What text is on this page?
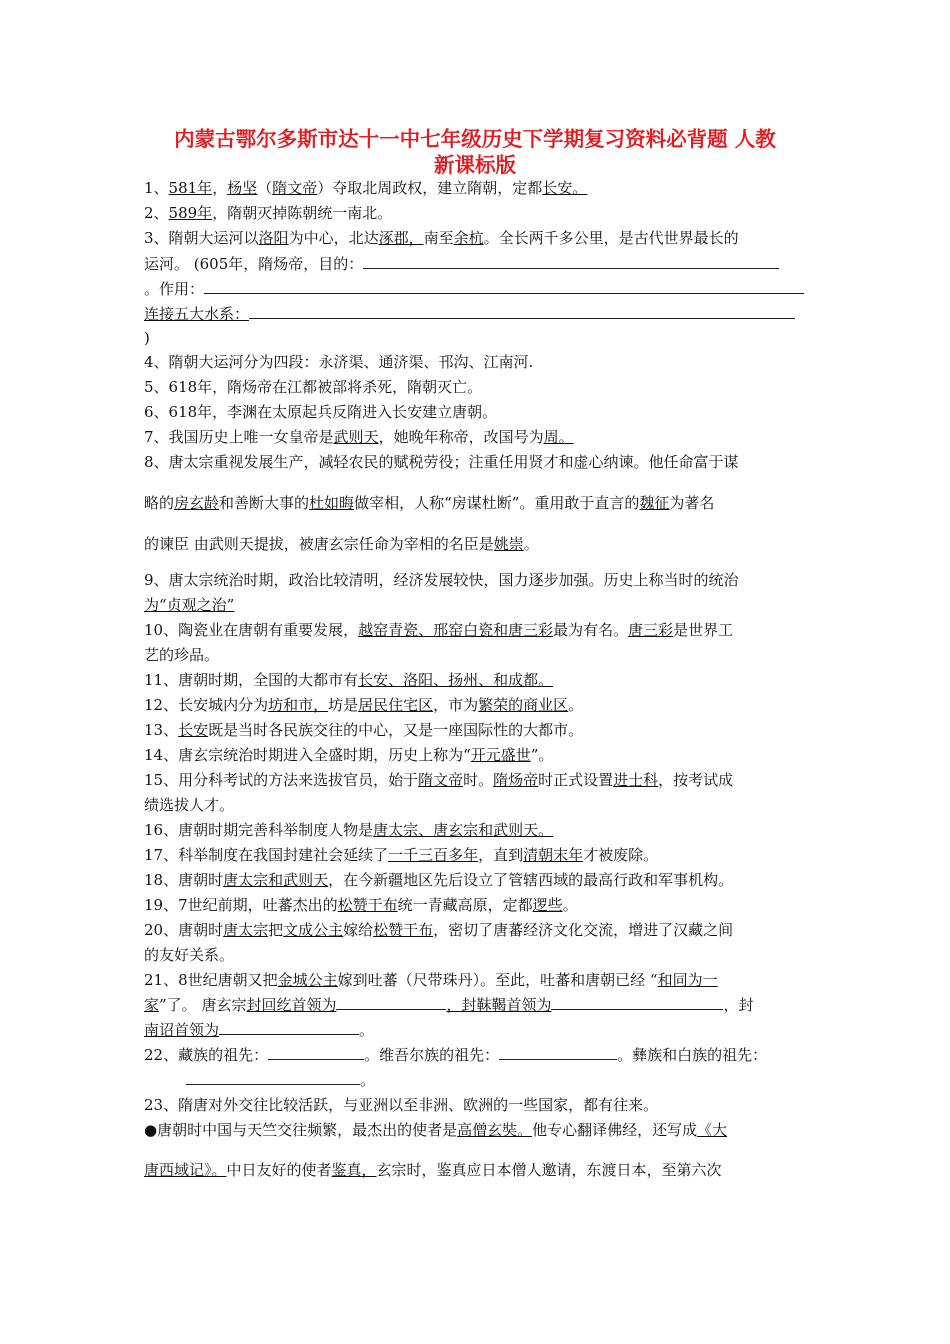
内蒙古鄂尔多斯市达十一中七年级历史下学期复习资料必背题 人教
新课标版
1、581年，杨坚（隋文帝）夺取北周政权，建立隋朝，定都长安。
2、589年，隋朝灭掉陈朝统一南北。
3、隋朝大运河以洛阳为中心，北达涿郡，南至余杭。全长两千多公里，是古代世界最长的
运河。 (605年，隋炀帝，目的：
。作用：
连接五大水系：
)
4、隋朝大运河分为四段：永济渠、通济渠、邗沟、江南河.
5、618年，隋炀帝在江都被部将杀死，隋朝灭亡。
6、618年，李渊在太原起兵反隋进入长安建立唐朝。
7、我国历史上唯一女皇帝是武则天，她晚年称帝，改国号为周。
8、唐太宗重视发展生产，减轻农民的赋税劳役；注重任用贤才和虚心纳谏。他任命富于谋
略的房玄龄和善断大事的杜如晦做宰相，人称“房谋杜断”。重用敢于直言的魏征为著名
的谏臣 由武则天提拔，被唐玄宗任命为宰相的名臣是姚崇。
9、唐太宗统治时期，政治比较清明，经济发展较快，国力逐步加强。历史上称当时的统治
为“贞观之治”
10、陶瓷业在唐朝有重要发展，越窑青瓷、邢窑白瓷和唐三彩最为有名。唐三彩是世界工
艺的珍品。
11、唐朝时期，全国的大都市有长安、洛阳、扬州、和成都。
12、长安城内分为坊和市，坊是居民住宅区，市为繁荣的商业区。
13、长安既是当时各民族交往的中心，又是一座国际性的大都市。
14、唐玄宗统治时期进入全盛时期，历史上称为“开元盛世”。
15、用分科考试的方法来选拔官员，始于隋文帝时。隋炀帝时正式设置进士科，按考试成
绩选拔人才。
16、唐朝时期完善科举制度人物是唐太宗、唐玄宗和武则天。
17、科举制度在我国封建社会延续了一千三百多年，直到清朝末年才被废除。
18、唐朝时唐太宗和武则天，在今新疆地区先后设立了管辖西域的最高行政和军事机构。
19、7世纪前期，吐蕃杰出的松赞干布统一青藏高原，定都逻些。
20、唐朝时唐太宗把文成公主嫁给松赞干布，密切了唐蕃经济文化交流，增进了汉藏之间
的友好关系。
21、8世纪唐朝又把金城公主嫁到吐蕃（尺带珠丹）。至此，吐蕃和唐朝已经 “和同为一
家”了。 唐玄宗封回纥首领为	，封靺鞨首领为	，封
南诏首领为	。
22、藏族的祖先：	。维吾尔族的祖先：	。彝族和白族的祖先：
。
23、隋唐对外交往比较活跃，与亚洲以至非洲、欧洲的一些国家，都有往来。
●唐朝时中国与天竺交往频繁，最杰出的使者是高僧玄奘。他专心翻译佛经，还写成《大
唐西域记》。中日友好的使者鉴真，玄宗时，鉴真应日本僧人邀请，东渡日本，至第六次
